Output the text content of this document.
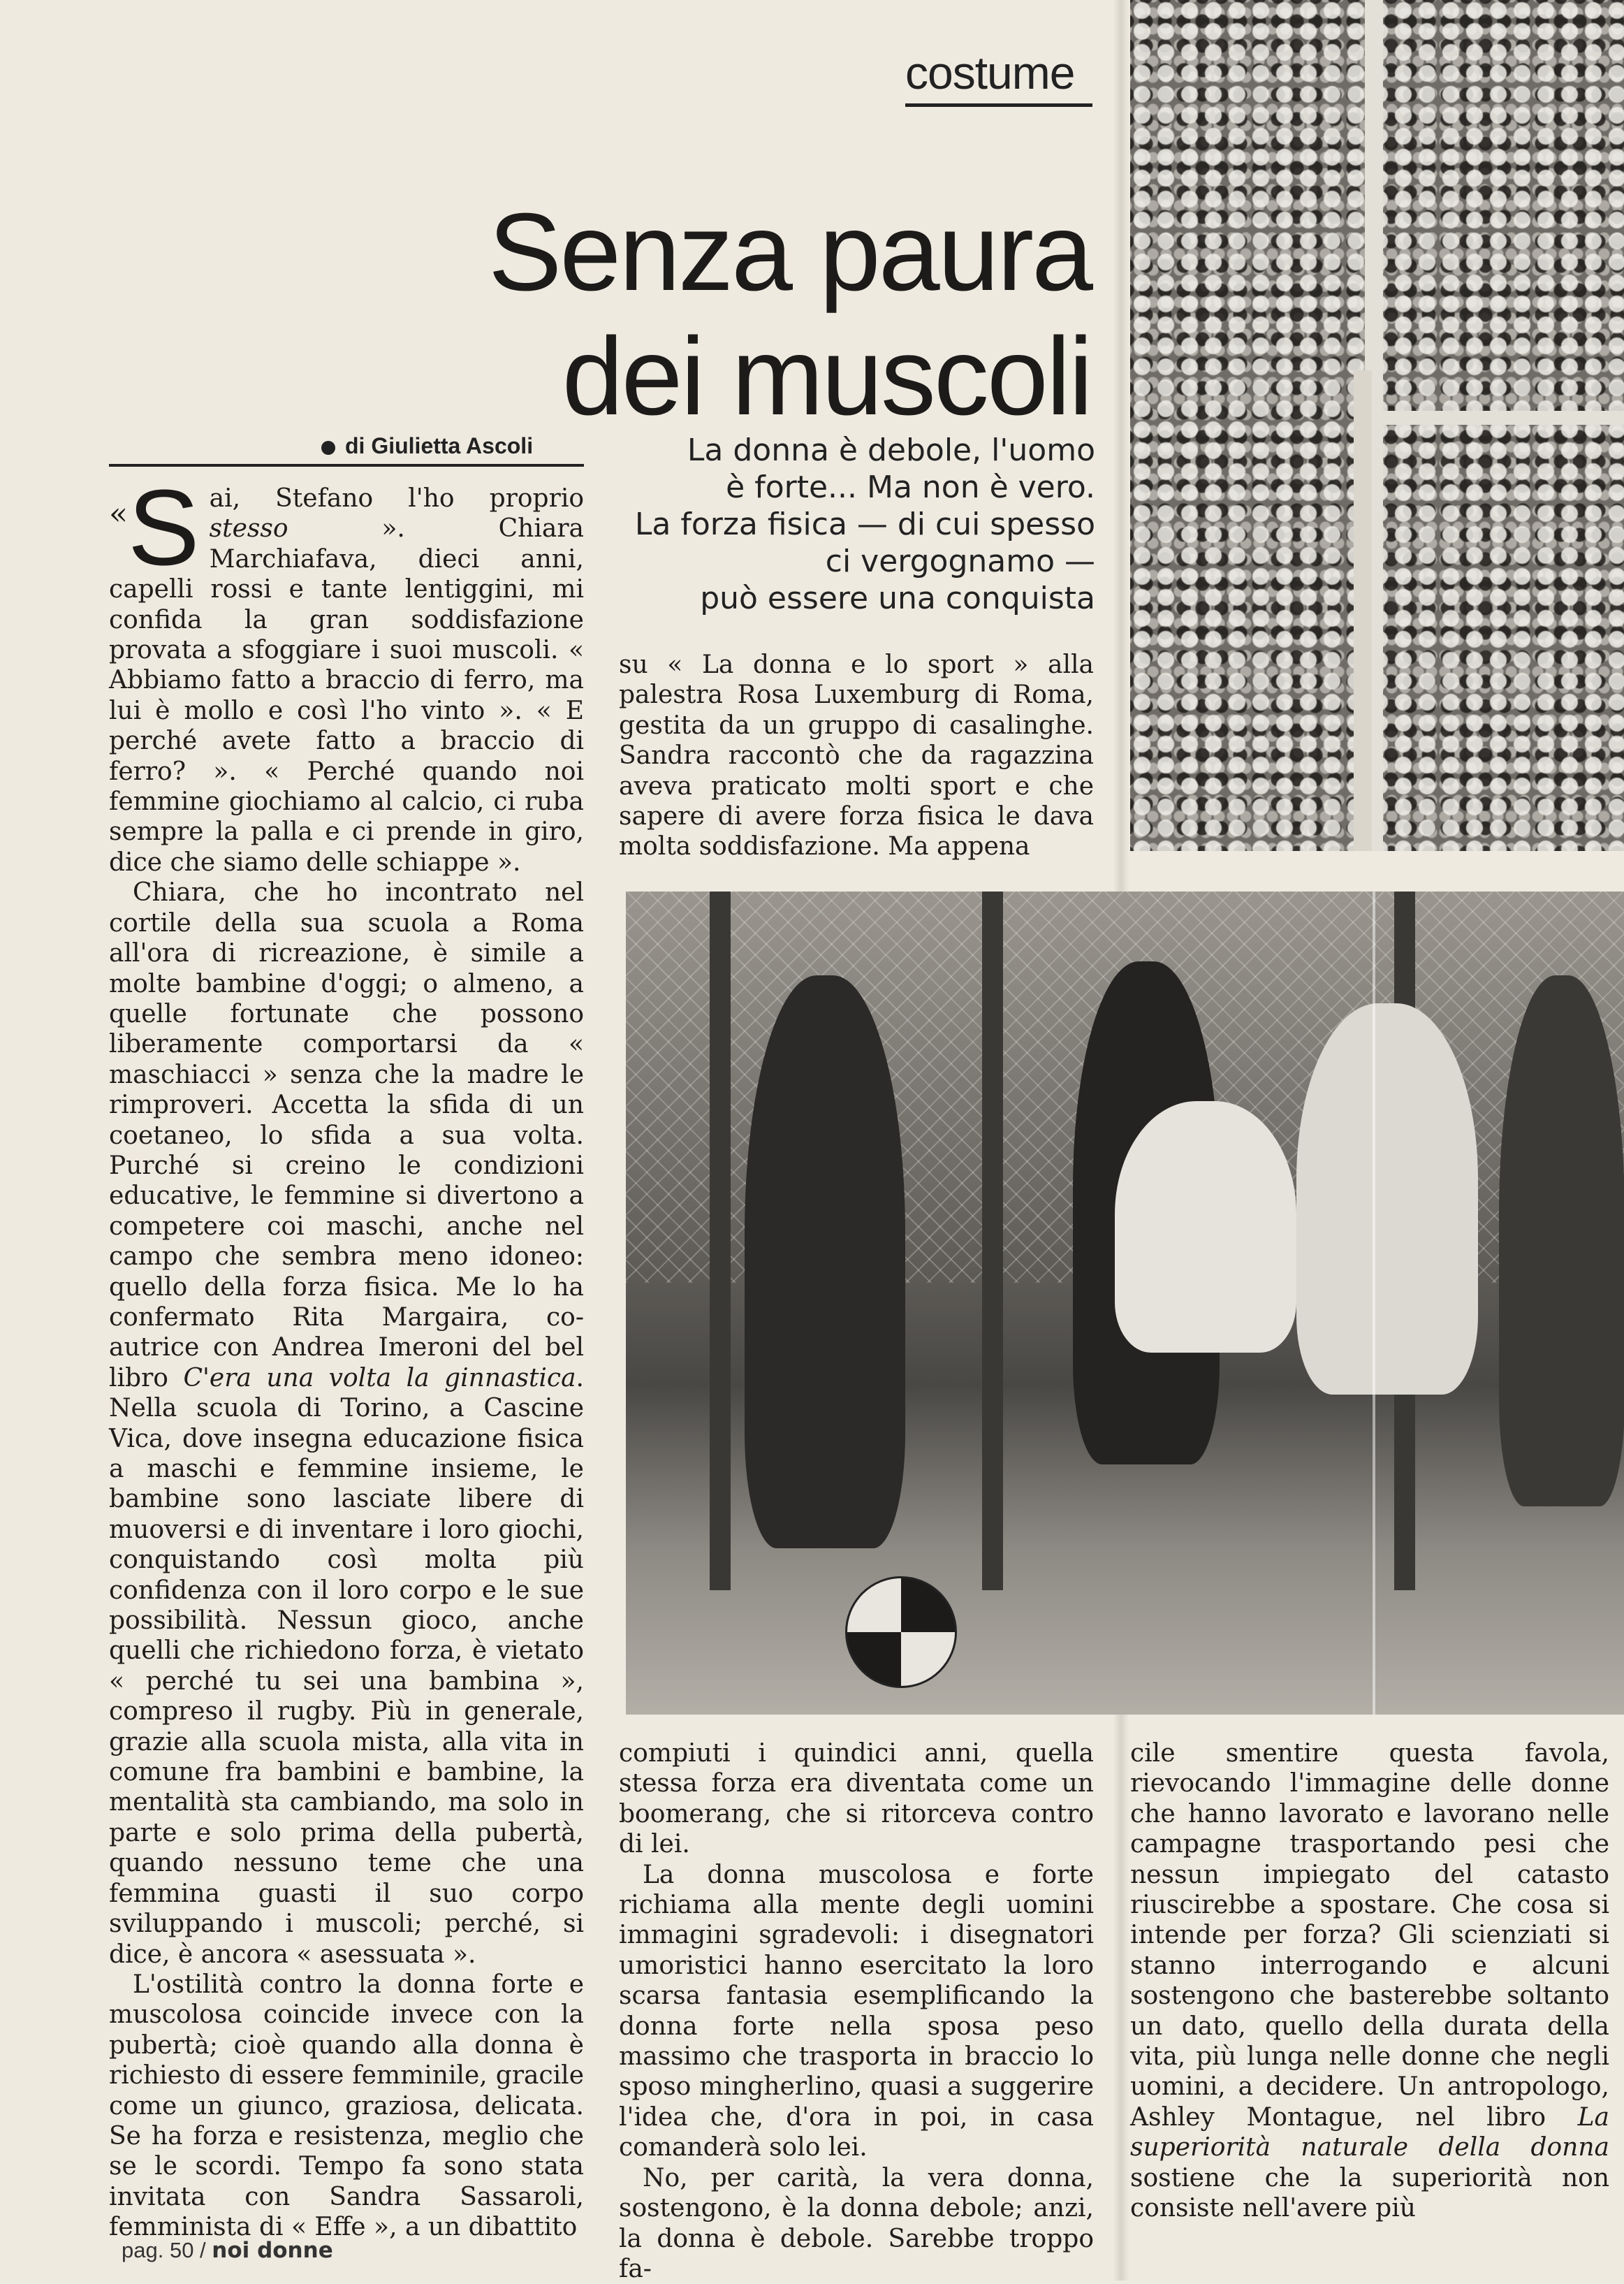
costume
Senza paura
dei muscoli
di Giulietta Ascoli	La donna è debole, l'uomo
è forte... Ma non è vero.
La forza fisica — di cui spesso
ci vergognamo —
può essere una conquista

«S ai, Stefano l'ho proprio stesso ». Chiara Marchiafava, dieci anni, capelli rossi e tante lentiggini, mi confida la gran soddisfazione provata a sfoggiare i suoi muscoli. « Abbiamo fatto a braccio di ferro, ma lui è mollo e così l'ho vinto ». « E perché avete fatto a braccio di ferro? ». « Perché quando noi femmine giochiamo al calcio, ci ruba sempre la palla e ci prende in giro, dice che siamo delle schiappe ».

Chiara, che ho incontrato nel cortile della sua scuola a Roma all'ora di ricreazione, è simile a molte bambine d'oggi; o almeno, a quelle fortunate che possono liberamente comportarsi da « maschiacci » senza che la madre le rimproveri. Accetta la sfida di un coetaneo, lo sfida a sua volta. Purché si creino le condizioni educative, le femmine si divertono a competere coi maschi, anche nel campo che sembra meno idoneo: quello della forza fisica. Me lo ha confermato Rita Margaira, co-autrice con Andrea Imeroni del bel libro C'era una volta la ginnastica. Nella scuola di Torino, a Cascine Vica, dove insegna educazione fisica a maschi e femmine insieme, le bambine sono lasciate libere di muoversi e di inventare i loro giochi, conquistando così molta più confidenza con il loro corpo e le sue possibilità. Nessun gioco, anche quelli che richiedono forza, è vietato « perché tu sei una bambina », compreso il rugby. Più in generale, grazie alla scuola mista, alla vita in comune fra bambini e bambine, la mentalità sta cambiando, ma solo in parte e solo prima della pubertà, quando nessuno teme che una femmina guasti il suo corpo sviluppando i muscoli; perché, si dice, è ancora « asessuata ».

L'ostilità contro la donna forte e muscolosa coincide invece con la pubertà; cioè quando alla donna è richiesto di essere femminile, gracile come un giunco, graziosa, delicata. Se ha forza e resistenza, meglio che se le scordi. Tempo fa sono stata invitata con Sandra Sassaroli, femminista di « Effe », a un dibattito

su « La donna e lo sport » alla palestra Rosa Luxemburg di Roma, gestita da un gruppo di casalinghe. Sandra raccontò che da ragazzina aveva praticato molti sport e che sapere di avere forza fisica le dava molta soddisfazione. Ma appena

compiuti i quindici anni, quella stessa forza era diventata come un boomerang, che si ritorceva contro di lei.

La donna muscolosa e forte richiama alla mente degli uomini immagini sgradevoli: i disegnatori umoristici hanno esercitato la loro scarsa fantasia esemplificando la donna forte nella sposa peso massimo che trasporta in braccio lo sposo mingherlino, quasi a suggerire l'idea che, d'ora in poi, in casa comanderà solo lei.

No, per carità, la vera donna, sostengono, è la donna debole; anzi, la donna è debole. Sarebbe troppo fa-

cile smentire questa favola, rievocando l'immagine delle donne che hanno lavorato e lavorano nelle campagne trasportando pesi che nessun impiegato del catasto riuscirebbe a spostare. Che cosa si intende per forza? Gli scienziati si stanno interrogando e alcuni sostengono che basterebbe soltanto un dato, quello della durata della vita, più lunga nelle donne che negli uomini, a decidere. Un antropologo, Ashley Montague, nel libro La superiorità naturale della donna sostiene che la superiorità non consiste nell'avere più

pag. 50 / noi donne
